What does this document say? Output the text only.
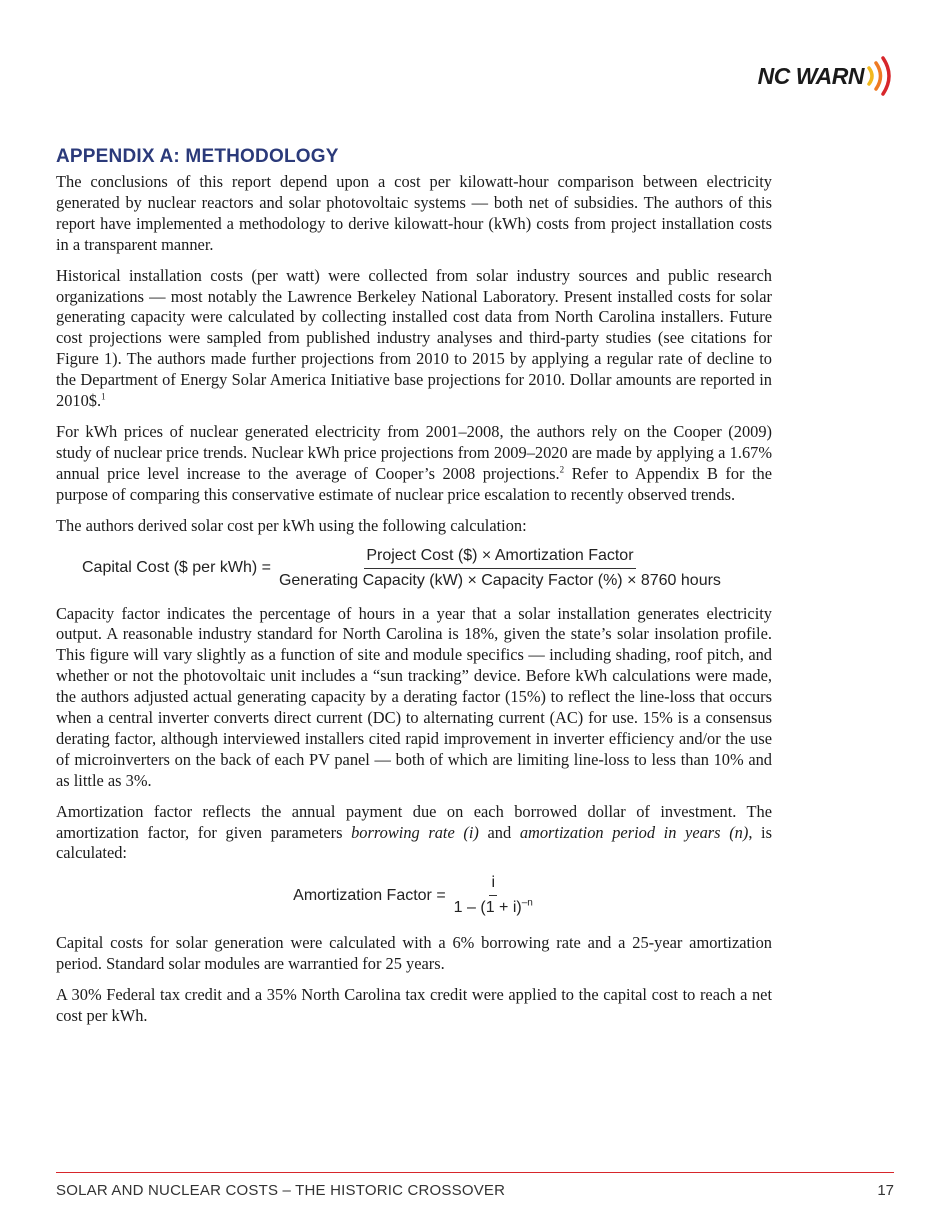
NC WARN
APPENDIX A: METHODOLOGY

The conclusions of this report depend upon a cost per kilowatt-hour comparison between electricity generated by nuclear reactors and solar photovoltaic systems — both net of subsidies. The authors of this report have implemented a methodology to derive kilowatt-hour (kWh) costs from project installation costs in a transparent manner.

Historical installation costs (per watt) were collected from solar industry sources and public research organizations — most notably the Lawrence Berkeley National Laboratory. Present installed costs for solar generating capacity were calculated by collecting installed cost data from North Carolina installers. Future cost projections were sampled from published industry analyses and third-party studies (see citations for Figure 1). The authors made further projections from 2010 to 2015 by applying a regular rate of decline to the Department of Energy Solar America Initiative base projections for 2010. Dollar amounts are reported in 2010$.$^1$

For kWh prices of nuclear generated electricity from 2001–2008, the authors rely on the Cooper (2009) study of nuclear price trends. Nuclear kWh price projections from 2009–2020 are made by applying a 1.67% annual price level increase to the average of Cooper’s 2008 projections.$^2$ Refer to Appendix B for the purpose of comparing this conservative estimate of nuclear price escalation to recently observed trends.

The authors derived solar cost per kWh using the following calculation:

Capital Cost ($ per $kWh) = \frac{\text{Project Cost (\$) × Amortization Factor}}{\text{Generating Capacity (kW) × Capacity Factor (\%) × 8760 hours}}$

Capacity factor indicates the percentage of hours in a year that a solar installation generates electricity output. A reasonable industry standard for North Carolina is 18%, given the state’s solar insolation profile. This figure will vary slightly as a function of site and module specifics — including shading, roof pitch, and whether or not the photovoltaic unit includes a “sun tracking” device. Before kWh calculations were made, the authors adjusted actual generating capacity by a derating factor (15%) to reflect the line-loss that occurs when a central inverter converts direct current (DC) to alternating current (AC) for use. 15% is a consensus derating factor, although interviewed installers cited rapid improvement in inverter efficiency and/or the use of microinverters on the back of each PV panel — both of which are limiting line-loss to less than 10% and as little as 3%.

Amortization factor reflects the annual payment due on each borrowed dollar of investment. The amortization factor, for given parameters borrowing rate (i) and amortization period in years (n), is calculated:

Amortization Factor = $\frac{i}{1 - (1 + i)^{-n}}$

Capital costs for solar generation were calculated with a 6% borrowing rate and a 25-year amortization period. Standard solar modules are warrantied for 25 years.

A 30% Federal tax credit and a 35% North Carolina tax credit were applied to the capital cost to reach a net cost per kWh.

SOLAR AND NUCLEAR COSTS – THE HISTORIC CROSSOVER	17
